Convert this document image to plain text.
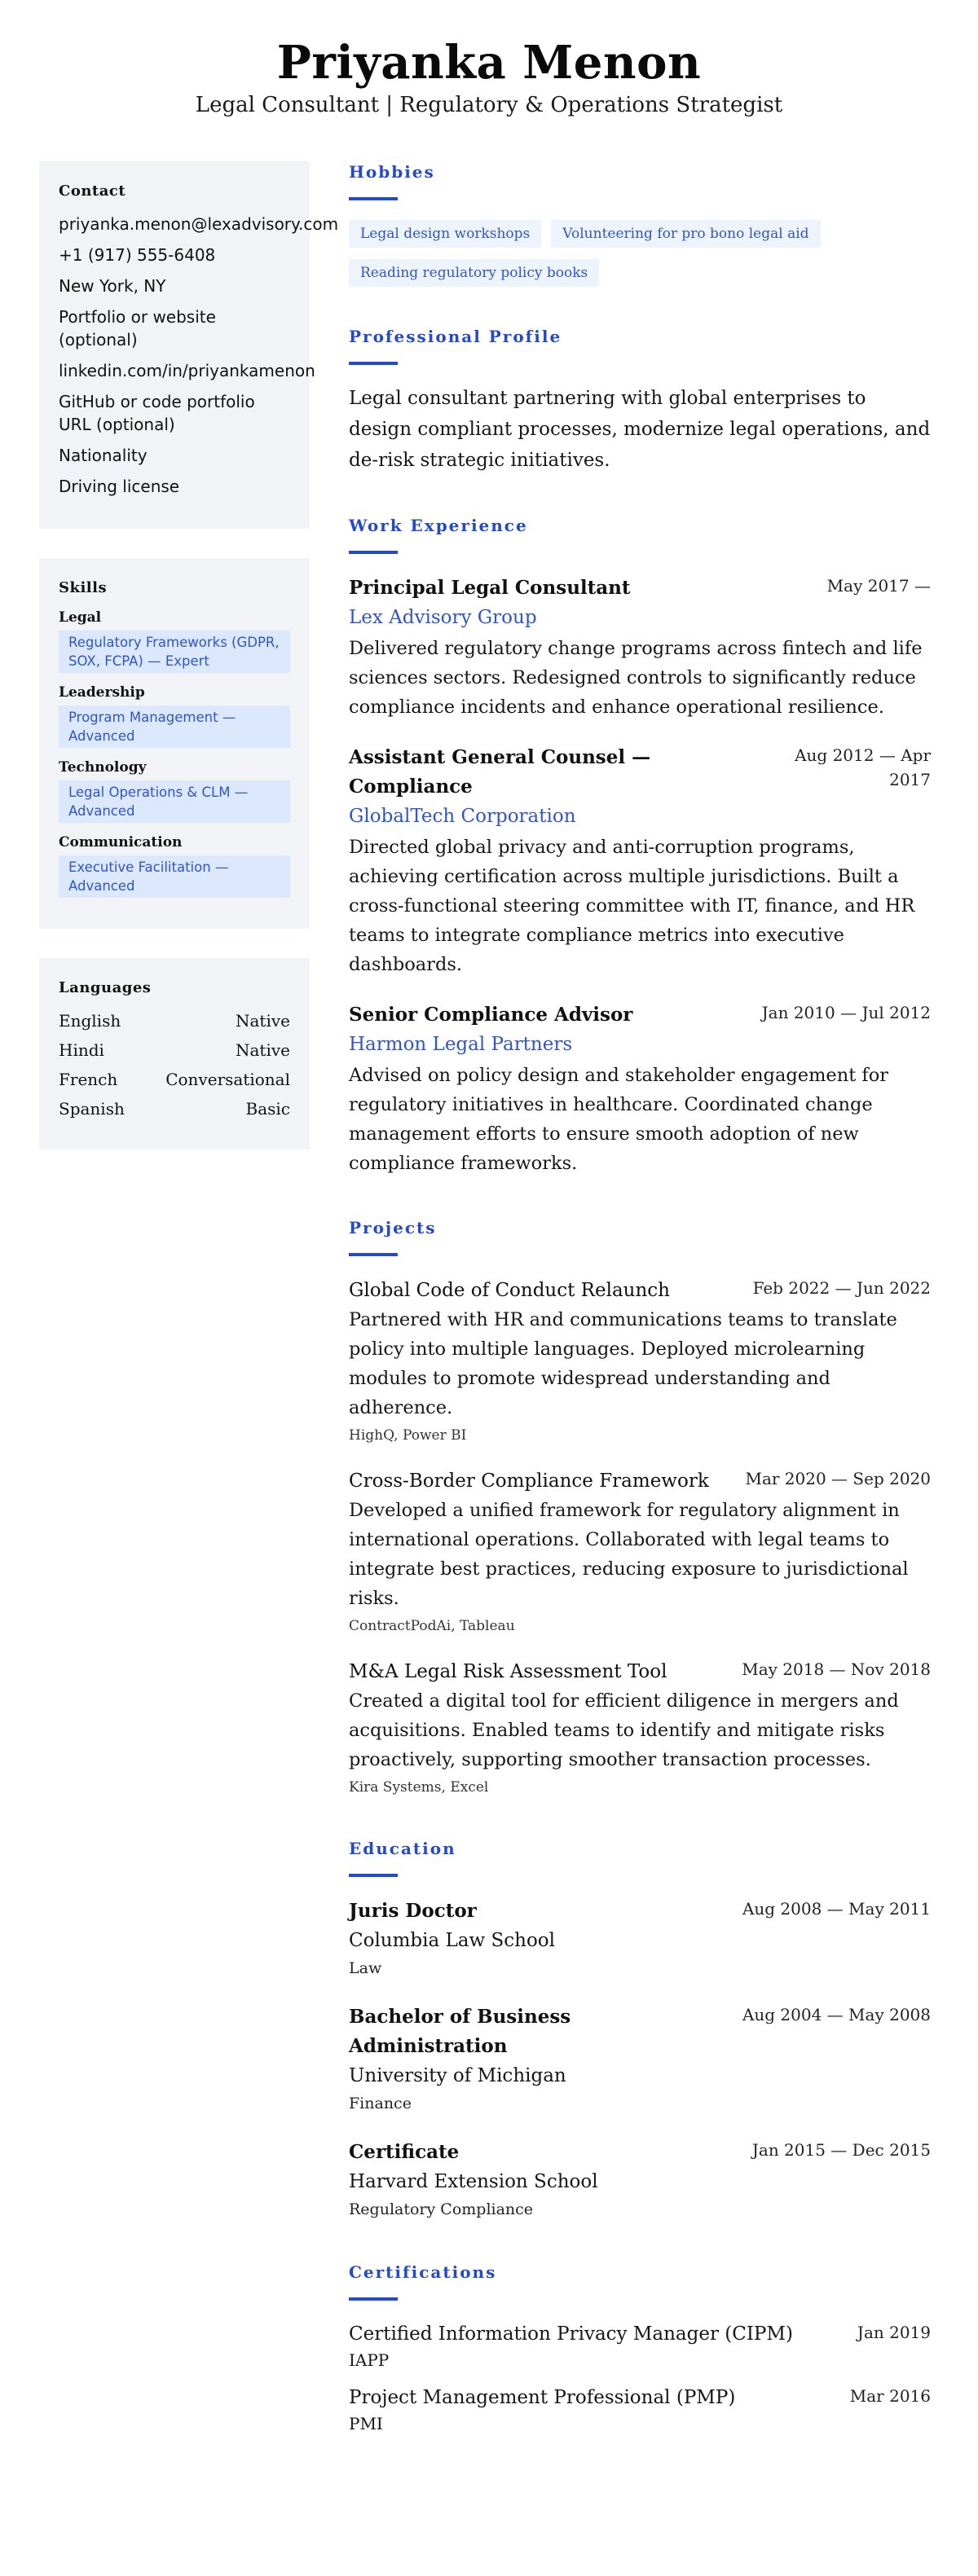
Priyanka Menon
Legal Consultant | Regulatory & Operations Strategist
Contact
priyanka.menon@lexadvisory.com
+1 (917) 555-6408
New York, NY
Portfolio or website (optional)
linkedin.com/in/priyankamenon
GitHub or code portfolio URL (optional)
Nationality
Driving license
Skills
Legal
Regulatory Frameworks (GDPR, SOX, FCPA) — Expert
Leadership
Program Management — Advanced
Technology
Legal Operations & CLM — Advanced
Communication
Executive Facilitation — Advanced
Languages
English	Native
Hindi	Native
French	Conversational
Spanish	Basic
Hobbies
Legal design workshops	Volunteering for pro bono legal aid
Reading regulatory policy books
Professional Profile

Legal consultant partnering with global enterprises to design compliant processes, modernize legal operations, and de-risk strategic initiatives.

Work Experience
Principal Legal Consultant	May 2017 —
Lex Advisory Group

Delivered regulatory change programs across fintech and life sciences sectors. Redesigned controls to significantly reduce compliance incidents and enhance operational resilience.

Assistant General Counsel — Compliance
Aug 2012 — Apr 2017
GlobalTech Corporation

Directed global privacy and anti-corruption programs, achieving certification across multiple jurisdictions. Built a cross-functional steering committee with IT, finance, and HR teams to integrate compliance metrics into executive dashboards.

Senior Compliance Advisor	Jan 2010 — Jul 2012
Harmon Legal Partners

Advised on policy design and stakeholder engagement for regulatory initiatives in healthcare. Coordinated change management efforts to ensure smooth adoption of new compliance frameworks.

Projects
Global Code of Conduct Relaunch	Feb 2022 — Jun 2022

Partnered with HR and communications teams to translate policy into multiple languages. Deployed microlearning modules to promote widespread understanding and adherence.

HighQ, Power BI
Cross-Border Compliance Framework Mar 2020 — Sep 2020

Developed a unified framework for regulatory alignment in international operations. Collaborated with legal teams to integrate best practices, reducing exposure to jurisdictional risks.

ContractPodAi, Tableau
M&A Legal Risk Assessment Tool	May 2018 — Nov 2018

Created a digital tool for efficient diligence in mergers and acquisitions. Enabled teams to identify and mitigate risks proactively, supporting smoother transaction processes.

Kira Systems, Excel
Education
Juris Doctor	Aug 2008 — May 2011
Columbia Law School
Law
Bachelor of Business Administration
Aug 2004 — May 2008
University of Michigan
Finance
Certificate	Jan 2015 — Dec 2015
Harvard Extension School
Regulatory Compliance
Certifications
Certified Information Privacy Manager (CIPM)	Jan 2019
IAPP
Project Management Professional (PMP)	Mar 2016
PMI
